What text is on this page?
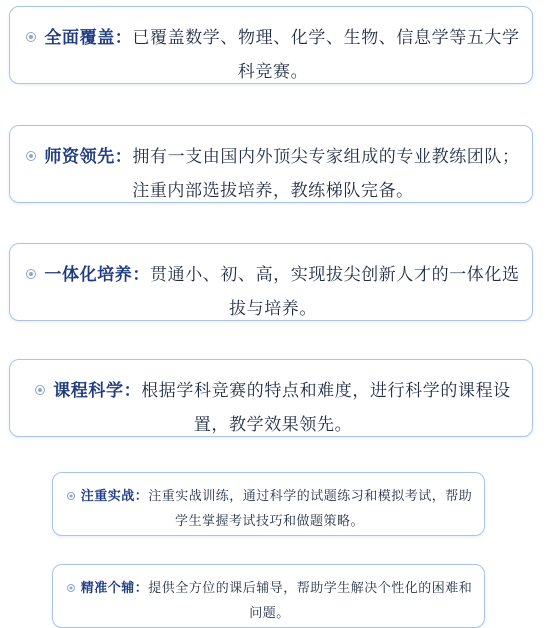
全面覆盖：已覆盖数学、物理、化学、生物、信息学等五大学科竞赛。
师资领先：拥有一支由国内外顶尖专家组成的专业教练团队；注重内部选拔培养，教练梯队完备。
一体化培养：贯通小、初、高，实现拔尖创新人才的一体化选拔与培养。
课程科学：根据学科竞赛的特点和难度，进行科学的课程设置，教学效果领先。
注重实战：注重实战训练，通过科学的试题练习和模拟考试，帮助学生掌握考试技巧和做题策略。
精准个辅：提供全方位的课后辅导，帮助学生解决个性化的困难和问题。
